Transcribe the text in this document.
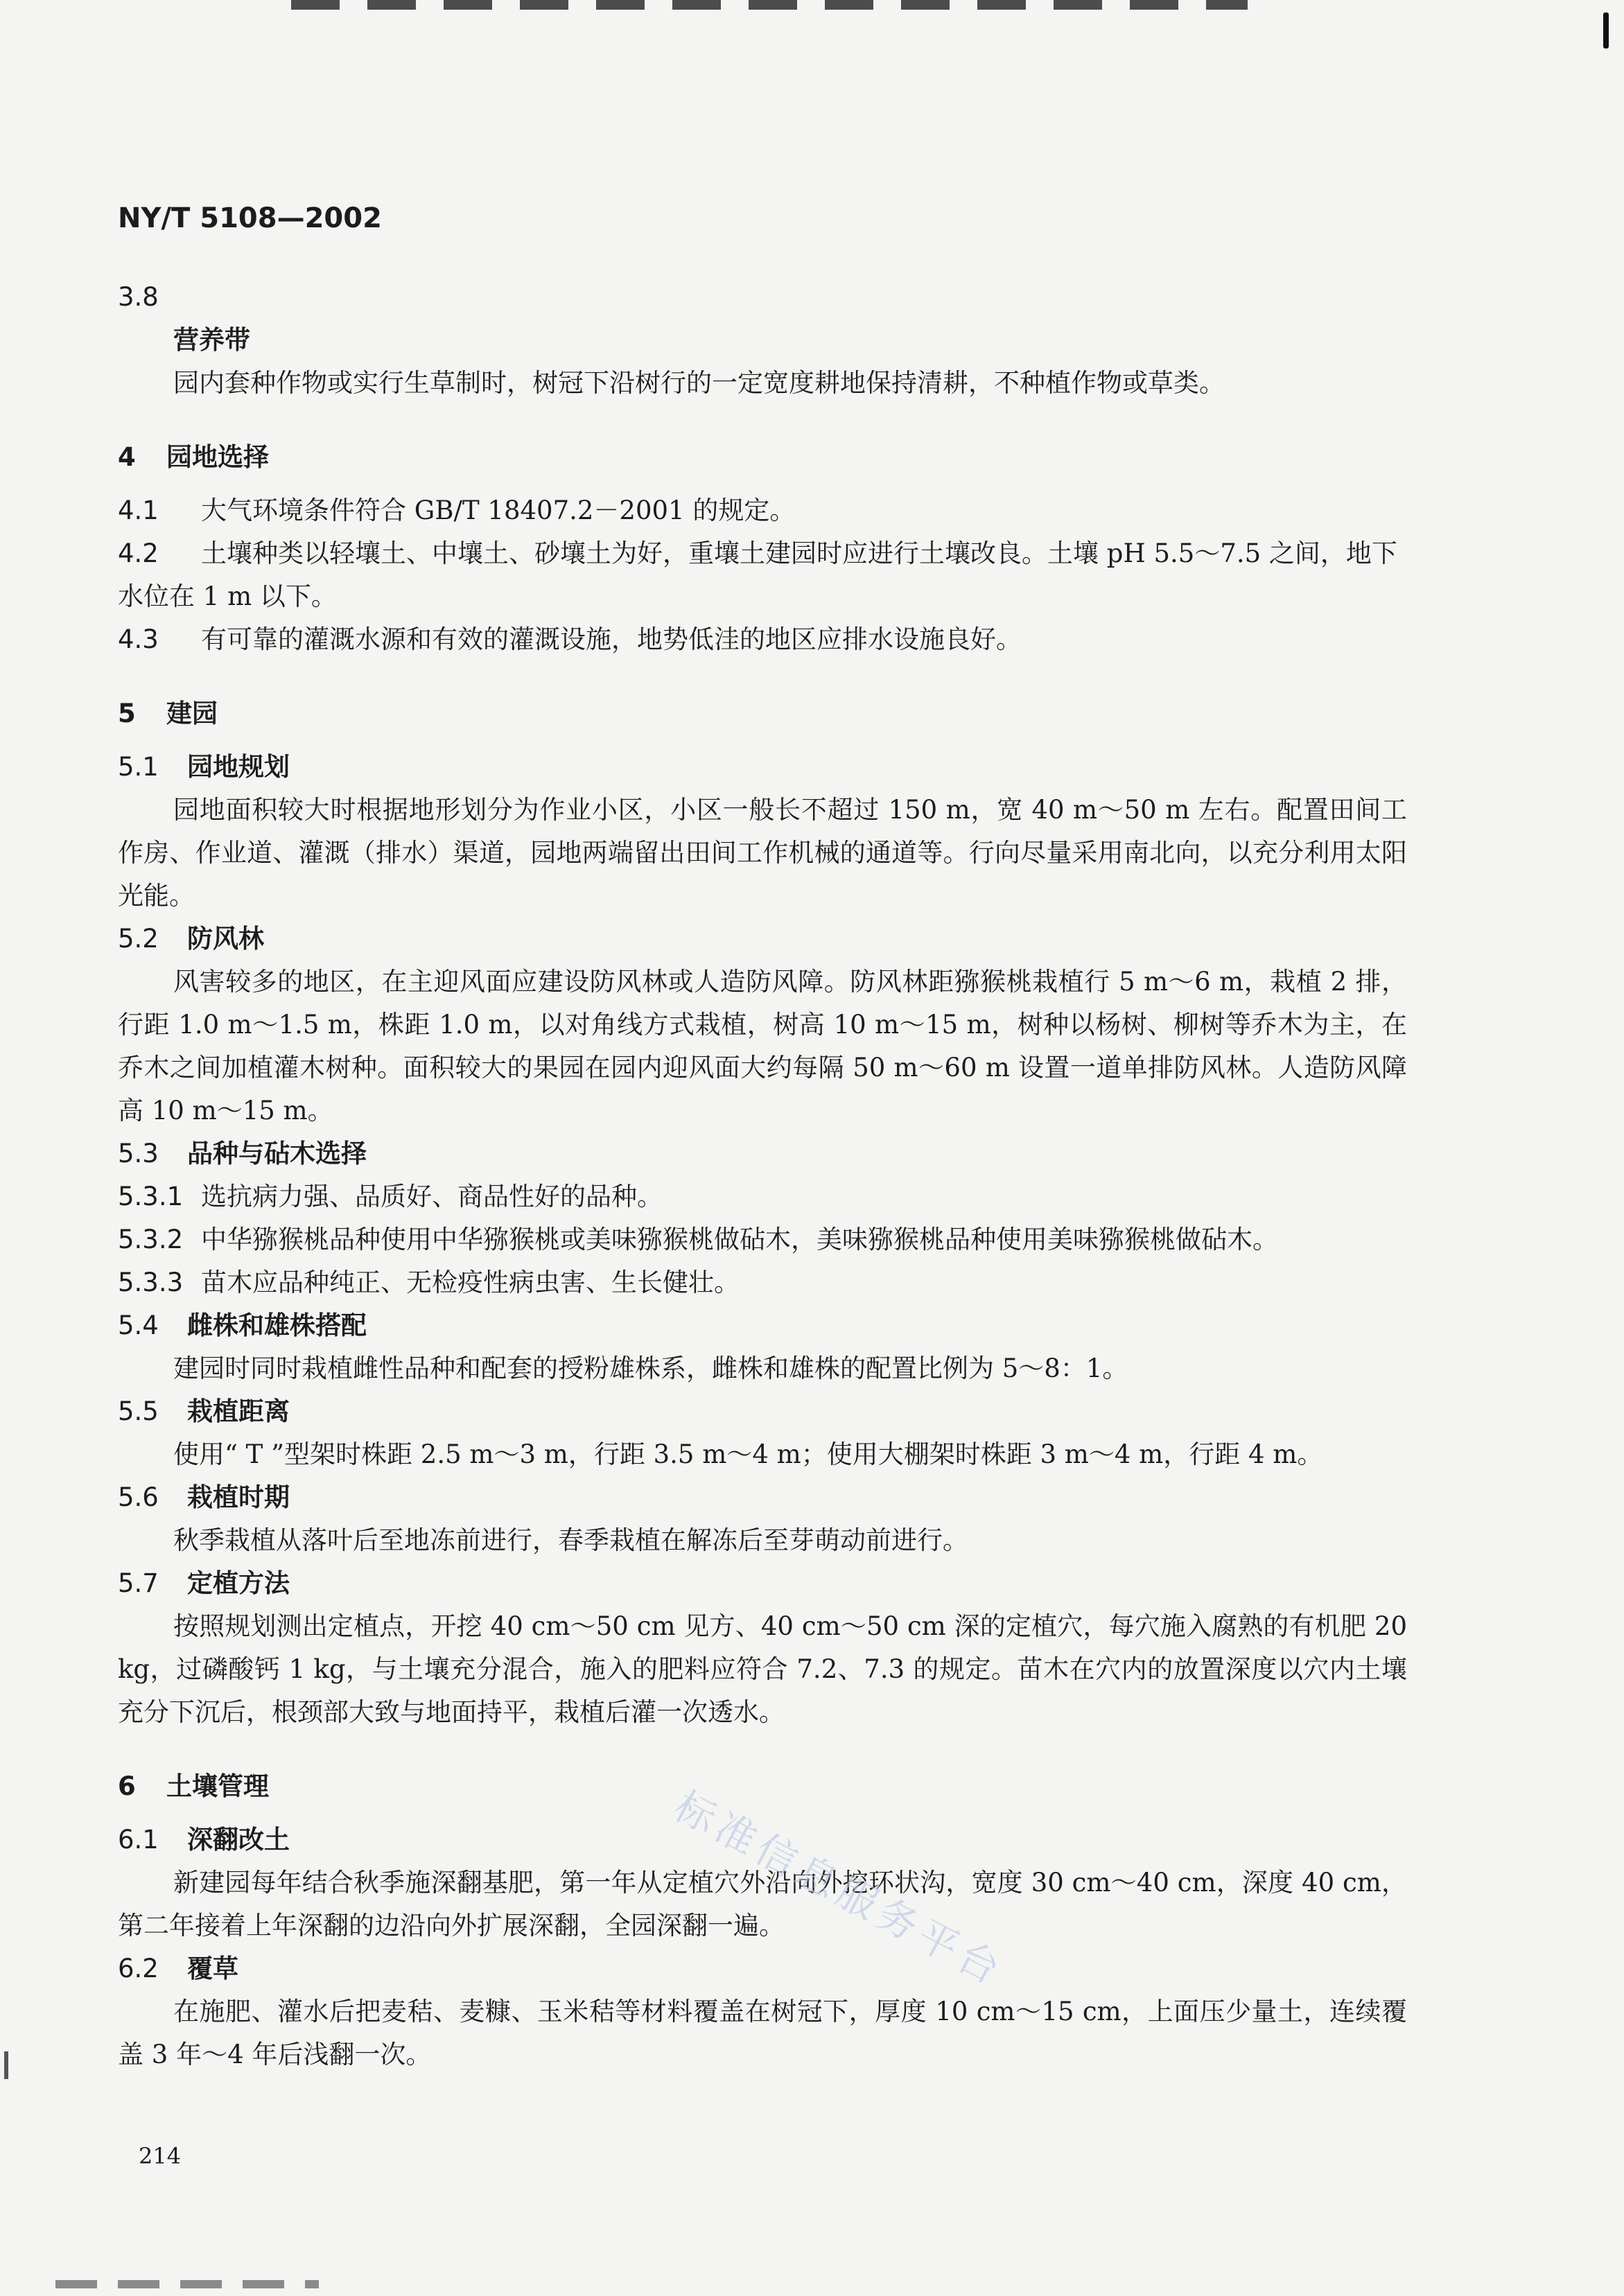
NY/T 5108—2002
3.8
营养带
园内套种作物或实行生草制时，树冠下沿树行的一定宽度耕地保持清耕，不种植作物或草类。
4 园地选择
4.1 大气环境条件符合 GB/T 18407.2－2001 的规定。
4.2 土壤种类以轻壤土、中壤土、砂壤土为好，重壤土建园时应进行土壤改良。土壤 pH 5.5～7.5 之间，地下水位在 1 m 以下。
4.3 有可靠的灌溉水源和有效的灌溉设施，地势低洼的地区应排水设施良好。
5 建园
5.1 园地规划
园地面积较大时根据地形划分为作业小区，小区一般长不超过 150 m，宽 40 m～50 m 左右。配置田间工作房、作业道、灌溉（排水）渠道，园地两端留出田间工作机械的通道等。行向尽量采用南北向，以充分利用太阳光能。
5.2 防风林
风害较多的地区，在主迎风面应建设防风林或人造防风障。防风林距猕猴桃栽植行 5 m～6 m，栽植 2 排，行距 1.0 m～1.5 m，株距 1.0 m，以对角线方式栽植，树高 10 m～15 m，树种以杨树、柳树等乔木为主，在乔木之间加植灌木树种。面积较大的果园在园内迎风面大约每隔 50 m～60 m 设置一道单排防风林。人造防风障高 10 m～15 m。
5.3 品种与砧木选择
5.3.1 选抗病力强、品质好、商品性好的品种。
5.3.2 中华猕猴桃品种使用中华猕猴桃或美味猕猴桃做砧木，美味猕猴桃品种使用美味猕猴桃做砧木。
5.3.3 苗木应品种纯正、无检疫性病虫害、生长健壮。
5.4 雌株和雄株搭配
建园时同时栽植雌性品种和配套的授粉雄株系，雌株和雄株的配置比例为 5～8：1。
5.5 栽植距离
使用“ T ”型架时株距 2.5 m～3 m，行距 3.5 m～4 m；使用大棚架时株距 3 m～4 m，行距 4 m。
5.6 栽植时期
秋季栽植从落叶后至地冻前进行，春季栽植在解冻后至芽萌动前进行。
5.7 定植方法
按照规划测出定植点，开挖 40 cm～50 cm 见方、40 cm～50 cm 深的定植穴，每穴施入腐熟的有机肥 20 kg，过磷酸钙 1 kg，与土壤充分混合，施入的肥料应符合 7.2、7.3 的规定。苗木在穴内的放置深度以穴内土壤充分下沉后，根颈部大致与地面持平，栽植后灌一次透水。
6 土壤管理
6.1 深翻改土
新建园每年结合秋季施深翻基肥，第一年从定植穴外沿向外挖环状沟，宽度 30 cm～40 cm，深度 40 cm，第二年接着上年深翻的边沿向外扩展深翻，全园深翻一遍。
6.2 覆草
在施肥、灌水后把麦秸、麦糠、玉米秸等材料覆盖在树冠下，厚度 10 cm～15 cm，上面压少量土，连续覆盖 3 年～4 年后浅翻一次。
标准信息服务平台
214
